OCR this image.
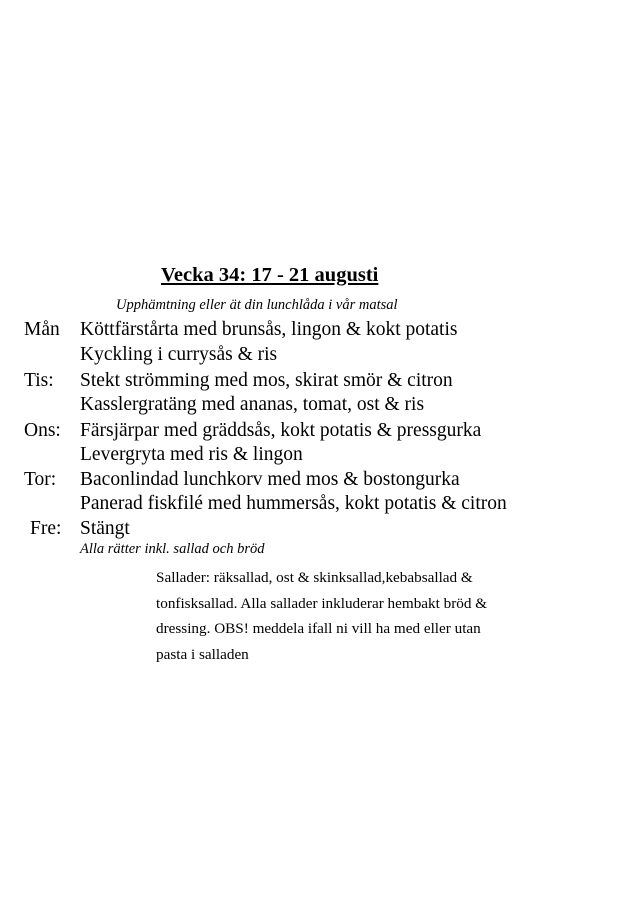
Vecka 34: 17 - 21 augusti
Upphämtning eller ät din lunchlåda i vår matsal
Mån Köttfärstårta med brunsås, lingon & kokt potatis
Kyckling i currysås & ris
Tis: Stekt strömming med mos, skirat smör & citron
Kasslergratäng med ananas, tomat, ost & ris
Ons: Färsjärpar med gräddsås, kokt potatis & pressgurka
Levergryta med ris & lingon
Tor: Baconlindad lunchkorv med mos & bostongurka
Panerad fiskfilé med hummersås, kokt potatis & citron
Fre: Stängt
Alla rätter inkl. sallad och bröd
Sallader: räksallad, ost & skinksallad,kebabsallad &
tonfisksallad. Alla sallader inkluderar hembakt bröd &
dressing. OBS! meddela ifall ni vill ha med eller utan
pasta i salladen
